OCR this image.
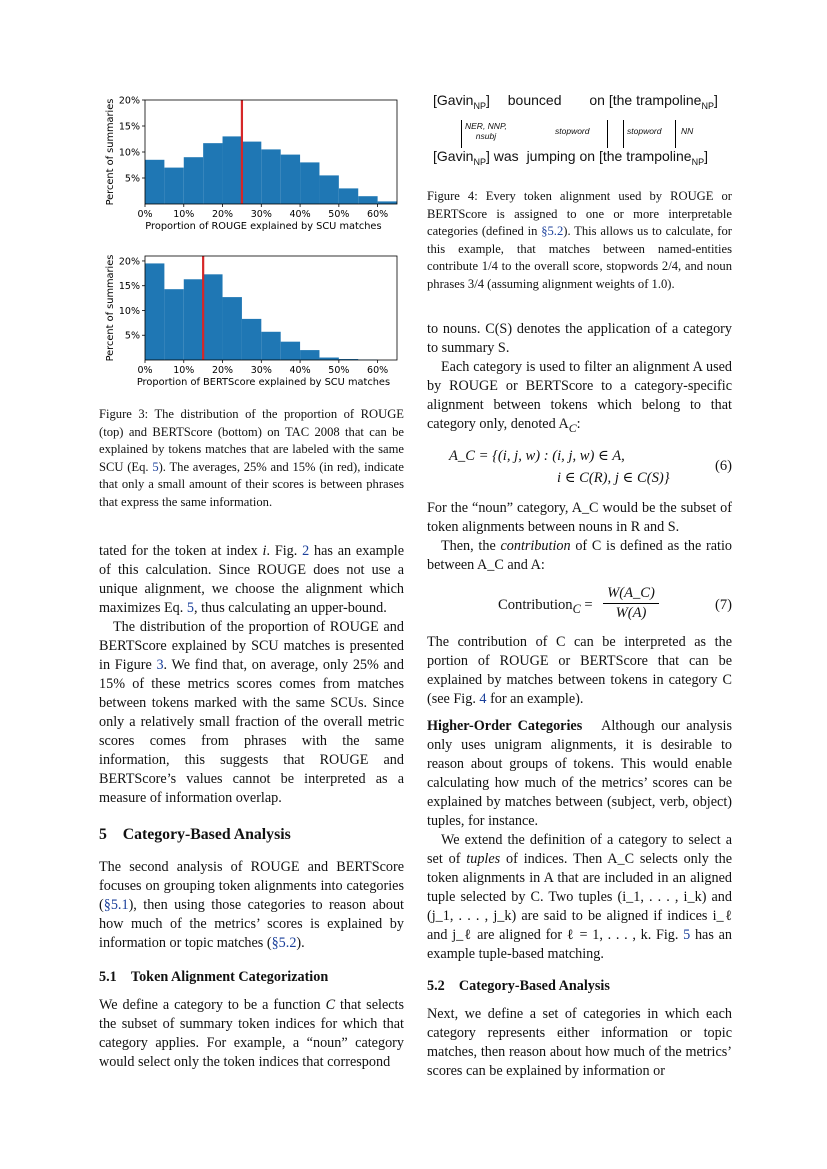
0% 10% 20% 30% 40% 50% 60%
5%
10%
15%
20%
Proportion of ROUGE explained by SCU matches
Percent of summaries
0% 10% 20% 30% 40% 50% 60%
5%
10%
15%
20%
Proportion of BERTScore explained by SCU matches
Percent of summaries

Figure 3: The distribution of the proportion of ROUGE (top) and BERTScore (bottom) on TAC 2008 that can be explained by tokens matches that are labeled with the same SCU (Eq. 5). The averages, 25% and 15% (in red), indicate that only a small amount of their scores is between phrases that express the same information.

tated for the token at index i. Fig. 2 has an example of this calculation. Since ROUGE does not use a unique alignment, we choose the alignment which maximizes Eq. 5, thus calculating an upper-bound.

The distribution of the proportion of ROUGE and BERTScore explained by SCU matches is presented in Figure 3. We find that, on average, only 25% and 15% of these metrics scores comes from matches between tokens marked with the same SCUs. Since only a relatively small fraction of the overall metric scores comes from phrases with the same information, this suggests that ROUGE and BERTScore’s values cannot be interpreted as a measure of information overlap.

5 Category-Based Analysis

The second analysis of ROUGE and BERTScore focuses on grouping token alignments into categories (§5.1), then using those categories to reason about how much of the metrics’ scores is explained by information or topic matches (§5.2).

5.1 Token Alignment Categorization

We define a category to be a function C that selects the subset of summary token indices for which that category applies. For example, a “noun” category would select only the token indices that correspond

[Gavin$_{NP}$] bounced on [the trampoline$_{NP}$]
NER, NNP,
nsubj	stopword	stopword NN
[Gavin$_{NP}$] was jumping on [the trampoline$_{NP}$]

Figure 4: Every token alignment used by ROUGE or BERTScore is assigned to one or more interpretable categories (defined in §5.2). This allows us to calculate, for this example, that matches between named-entities contribute 1/4 to the overall score, stopwords 2/4, and noun phrases 3/4 (assuming alignment weights of 1.0).

to nouns. C(S) denotes the application of a category to summary S.

Each category is used to filter an alignment A used by ROUGE or BERTScore to a category-specific alignment between tokens which belong to that category only, denoted $A_C$:

A_C = {(i, j, w) : (i, j, w) ∈ A,
i ∈ C(R), j ∈ C(S)}
(6)

For the “noun” category, A_C would be the subset of token alignments between nouns in R and S.

Then, the contribution of C is defined as the ratio between A_C and A:

Contribution$_C$ =
W(A_C)
W(A)	(7)

The contribution of C can be interpreted as the portion of ROUGE or BERTScore that can be explained by matches between tokens in category C (see Fig. 4 for an example).

Higher-Order Categories Although our analysis only uses unigram alignments, it is desirable to reason about groups of tokens. This would enable calculating how much of the metrics’ scores can be explained by matches between (subject, verb, object) tuples, for instance.

We extend the definition of a category to select a set of tuples of indices. Then A_C selects only the token alignments in A that are included in an aligned tuple selected by C. Two tuples (i_1, . . . , i_k) and (j_1, . . . , j_k) are said to be aligned if indices i_ℓ and j_ℓ are aligned for ℓ = 1, . . . , k. Fig. 5 has an example tuple-based matching.

5.2 Category-Based Analysis

Next, we define a set of categories in which each category represents either information or topic matches, then reason about how much of the metrics’ scores can be explained by information or
